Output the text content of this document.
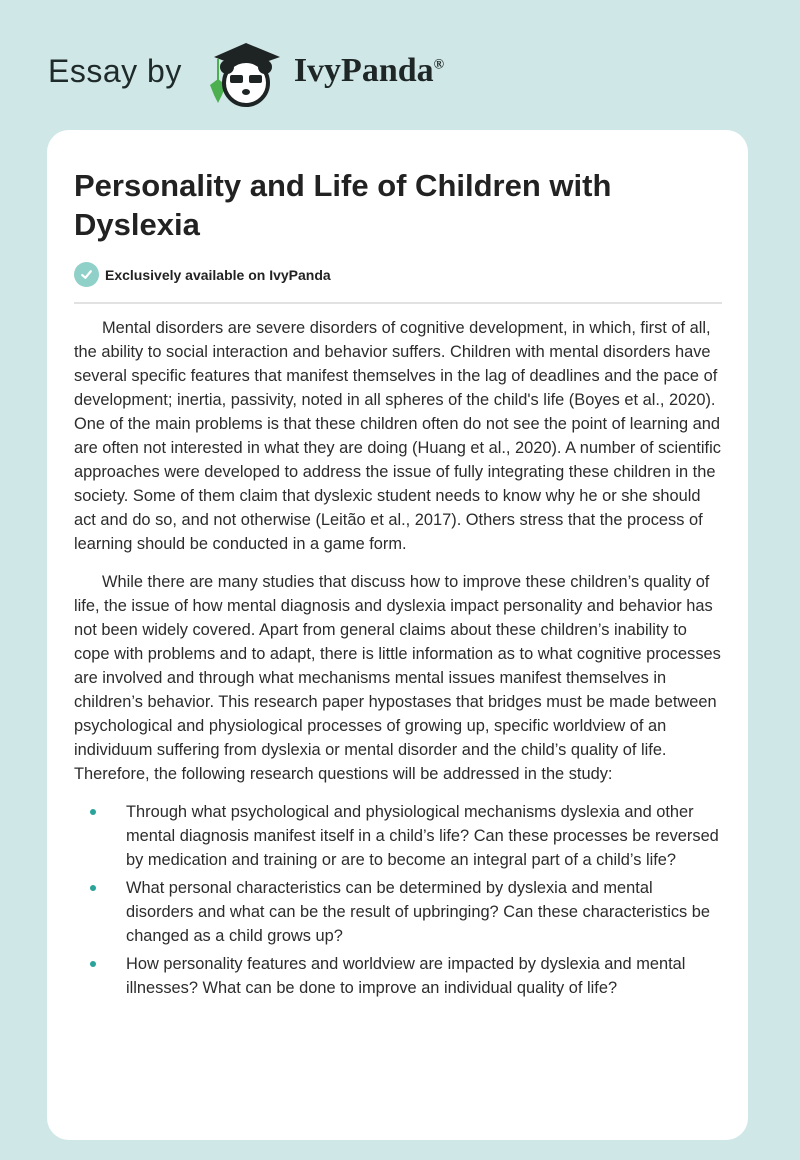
Essay by	IvyPanda®
Personality and Life of Children with Dyslexia
Exclusively available on IvyPanda

Mental disorders are severe disorders of cognitive development, in which, first of all, the ability to social interaction and behavior suffers. Children with mental disorders have several specific features that manifest themselves in the lag of deadlines and the pace of development; inertia, passivity, noted in all spheres of the child's life (Boyes et al., 2020). One of the main problems is that these children often do not see the point of learning and are often not interested in what they are doing (Huang et al., 2020). A number of scientific approaches were developed to address the issue of fully integrating these children in the society. Some of them claim that dyslexic student needs to know why he or she should act and do so, and not otherwise (Leitão et al., 2017). Others stress that the process of learning should be conducted in a game form.

While there are many studies that discuss how to improve these children’s quality of life, the issue of how mental diagnosis and dyslexia impact personality and behavior has not been widely covered. Apart from general claims about these children’s inability to cope with problems and to adapt, there is little information as to what cognitive processes are involved and through what mechanisms mental issues manifest themselves in children’s behavior. This research paper hypostases that bridges must be made between psychological and physiological processes of growing up, specific worldview of an individuum suffering from dyslexia or mental disorder and the child’s quality of life. Therefore, the following research questions will be addressed in the study:

Through what psychological and physiological mechanisms dyslexia and other mental diagnosis manifest itself in a child’s life? Can these processes be reversed by medication and training or are to become an integral part of a child’s life?
What personal characteristics can be determined by dyslexia and mental disorders and what can be the result of upbringing? Can these characteristics be changed as a child grows up?
How personality features and worldview are impacted by dyslexia and mental illnesses? What can be done to improve an individual quality of life?
